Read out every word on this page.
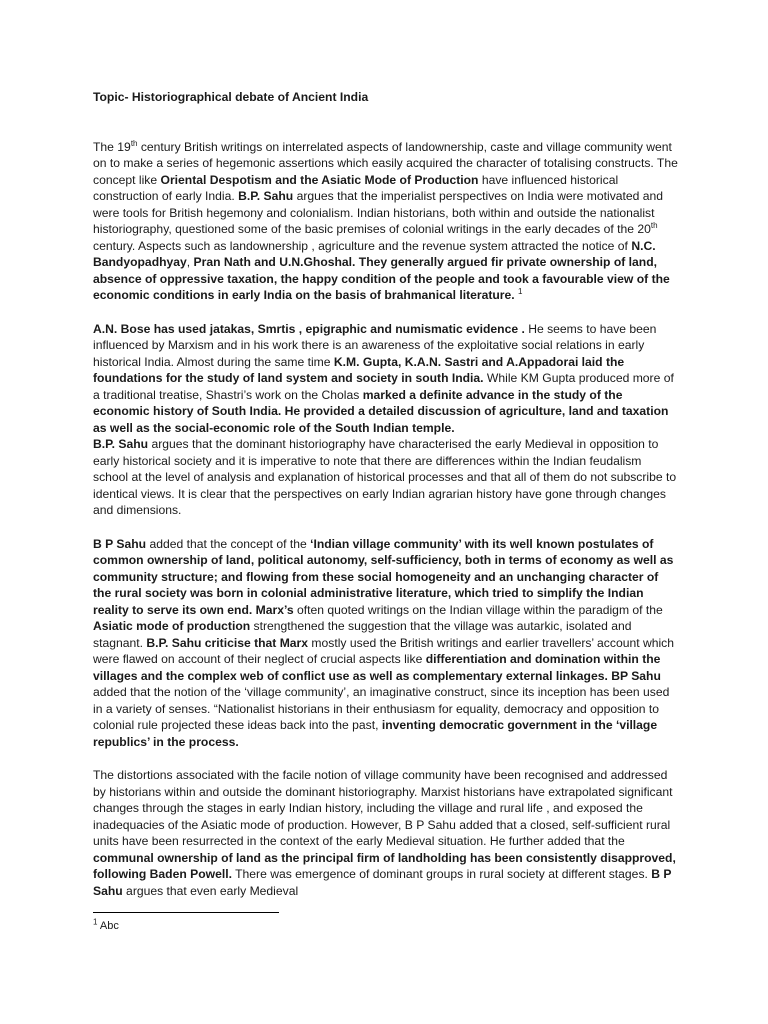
Topic- Historiographical debate of Ancient India

The 19th century British writings on interrelated aspects of landownership, caste and village community went on to make a series of hegemonic assertions which easily acquired the character of totalising constructs. The concept like Oriental Despotism and the Asiatic Mode of Production have influenced historical construction of early India. B.P. Sahu argues that the imperialist perspectives on India were motivated and were tools for British hegemony and colonialism. Indian historians, both within and outside the nationalist historiography, questioned some of the basic premises of colonial writings in the early decades of the 20th century. Aspects such as landownership , agriculture and the revenue system attracted the notice of N.C. Bandyopadhyay, Pran Nath and U.N.Ghoshal. They generally argued fir private ownership of land, absence of oppressive taxation, the happy condition of the people and took a favourable view of the economic conditions in early India on the basis of brahmanical literature. $^1$

A.N. Bose has used jatakas, Smrtis , epigraphic and numismatic evidence . He seems to have been influenced by Marxism and in his work there is an awareness of the exploitative social relations in early historical India. Almost during the same time K.M. Gupta, K.A.N. Sastri and A.Appadorai laid the foundations for the study of land system and society in south India. While KM Gupta produced more of a traditional treatise, Shastri’s work on the Cholas marked a definite advance in the study of the economic history of South India. He provided a detailed discussion of agriculture, land and taxation as well as the social-economic role of the South Indian temple.

B.P. Sahu argues that the dominant historiography have characterised the early Medieval in opposition to early historical society and it is imperative to note that there are differences within the Indian feudalism school at the level of analysis and explanation of historical processes and that all of them do not subscribe to identical views. It is clear that the perspectives on early Indian agrarian history have gone through changes and dimensions.

B P Sahu added that the concept of the ‘Indian village community’ with its well known postulates of common ownership of land, political autonomy, self-sufficiency, both in terms of economy as well as community structure; and flowing from these social homogeneity and an unchanging character of the rural society was born in colonial administrative literature, which tried to simplify the Indian reality to serve its own end. Marx’s often quoted writings on the Indian village within the paradigm of the Asiatic mode of production strengthened the suggestion that the village was autarkic, isolated and stagnant. B.P. Sahu criticise that Marx mostly used the British writings and earlier travellers’ account which were flawed on account of their neglect of crucial aspects like differentiation and domination within the villages and the complex web of conflict use as well as complementary external linkages. BP Sahu added that the notion of the ‘village community’, an imaginative construct, since its inception has been used in a variety of senses. “Nationalist historians in their enthusiasm for equality, democracy and opposition to colonial rule projected these ideas back into the past, inventing democratic government in the ‘village republics’ in the process.

The distortions associated with the facile notion of village community have been recognised and addressed by historians within and outside the dominant historiography. Marxist historians have extrapolated significant changes through the stages in early Indian history, including the village and rural life , and exposed the inadequacies of the Asiatic mode of production. However, B P Sahu added that a closed, self-sufficient rural units have been resurrected in the context of the early Medieval situation. He further added that the communal ownership of land as the principal firm of landholding has been consistently disapproved, following Baden Powell. There was emergence of dominant groups in rural society at different stages. B P Sahu argues that even early Medieval

$^1$ Abc
